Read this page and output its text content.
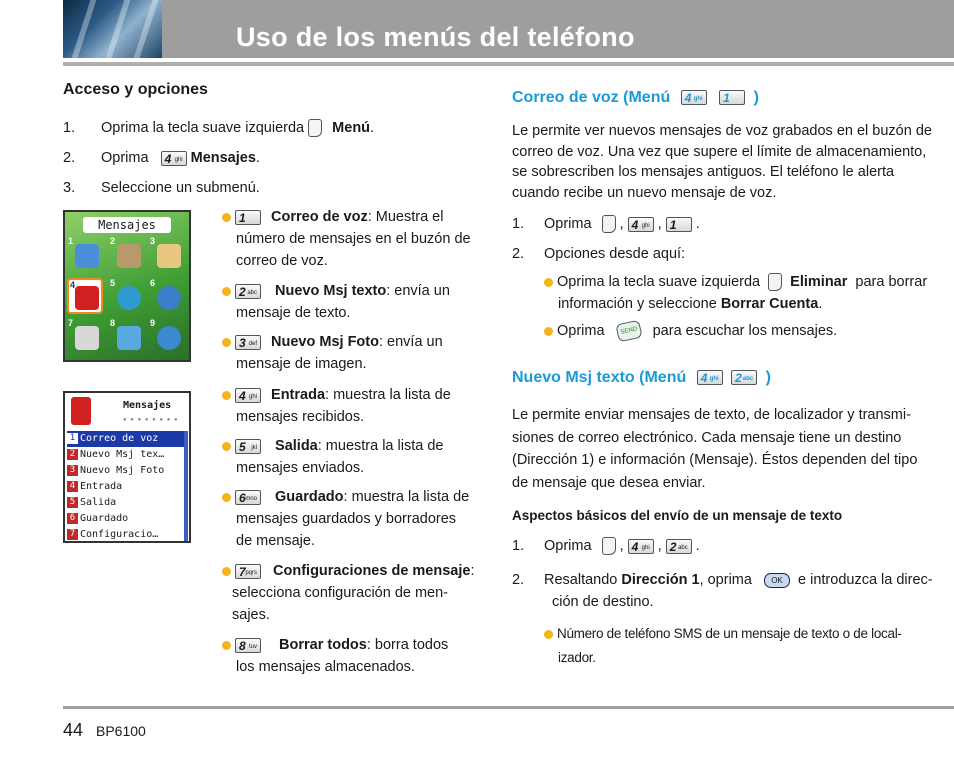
Uso de los menús del teléfono
Acceso y opciones
1. Oprima la tecla suave izquierda Menú.
2. Oprima 4 ghi Mensajes.
3. Seleccione un submenú.
Mensajes
1	2	3
4	5	6
7	8	9
Mensajes
● ● ● ● ● ● ● ●
1 Correo de voz
2 Nuevo Msj tex…
3 Nuevo Msj Foto
4 Entrada
5 Salida
6 Guardado
7 Configuracio…
1 Correo de voz: Muestra el
número de mensajes en el buzón de
correo de voz.
2 abc Nuevo Msj texto: envía un
mensaje de texto.
3 def Nuevo Msj Foto: envía un
mensaje de imagen.
4 ghi Entrada: muestra la lista de
mensajes recibidos.
5 jkl Salida: muestra la lista de
mensajes enviados.
6 mno Guardado: muestra la lista de
mensajes guardados y borradores
de mensaje.
7 pqrs Configuraciones de mensaje:
selecciona configuración de men-
sajes.
8 tuv Borrar todos: borra todos
los mensajes almacenados.
Correo de voz (Menú 4 ghi 1 )
Le permite ver nuevos mensajes de voz grabados en el buzón de
correo de voz. Una vez que supere el límite de almacenamiento,
se sobrescriben los mensajes antiguos. El teléfono le alerta
cuando recibe un nuevo mensaje de voz.
1. Oprima  , 4 ghi , 1 .
2. Opciones desde aquí:
Oprima la tecla suave izquierda Eliminar para borrar
información y seleccione Borrar Cuenta.
Oprima	SEND para escuchar los mensajes.
Nuevo Msj texto (Menú 4 ghi 2 abc )
Le permite enviar mensajes de texto, de localizador y transmi-
siones de correo electrónico. Cada mensaje tiene un destino
(Dirección 1) e información (Mensaje). Éstos dependen del tipo
de mensaje que desea enviar.
Aspectos básicos del envío de un mensaje de texto
1. Oprima  , 4 ghi , 2 abc .
2. Resaltando Dirección 1, oprima OK e introduzca la direc-
ción de destino.
Número de teléfono SMS de un mensaje de texto o de local-
izador.
44 BP6100
